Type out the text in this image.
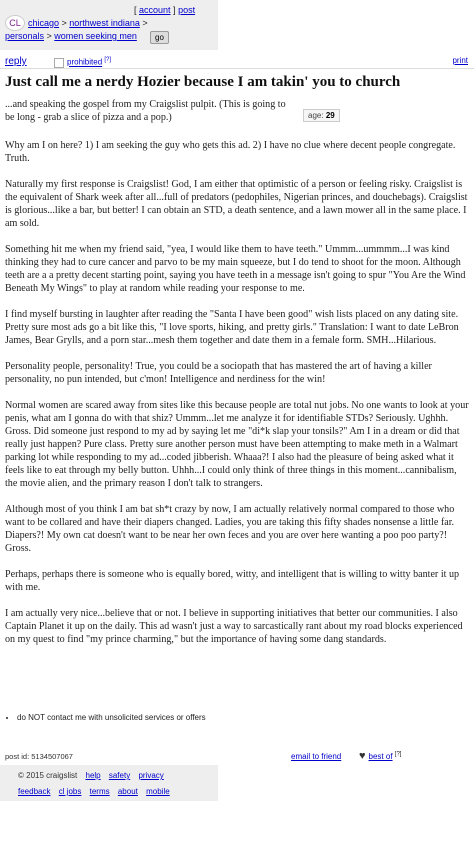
CL
[ account ] post
chicago > northwest indiana >
personals > women seeking men	go
reply	prohibited [?]	print
Just call me a nerdy Hozier because I am takin' you to church
age: 29

...and speaking the gospel from my Craigslist pulpit. (This is going to be long - grab a slice of pizza and a pop.)

Why am I on here? 1) I am seeking the guy who gets this ad. 2) I have no clue where decent people congregate. Truth.

Naturally my first response is Craigslist! God, I am either that optimistic of a person or feeling risky. Craigslist is the equivalent of Shark week after all...full of predators (pedophiles, Nigerian princes, and douchebags). Craigslist is glorious...like a bar, but better! I can obtain an STD, a death sentence, and a lawn mower all in the same place. I am sold.

Something hit me when my friend said, "yea, I would like them to have teeth." Ummm...ummmm...I was kind thinking they had to cure cancer and parvo to be my main squeeze, but I do tend to shoot for the moon. Although teeth are a a pretty decent starting point, saying you have teeth in a message isn't going to spur "You Are the Wind Beneath My Wings" to play at random while reading your response to me.

I find myself bursting in laughter after reading the "Santa I have been good" wish lists placed on any dating site. Pretty sure most ads go a bit like this, "I love sports, hiking, and pretty girls." Translation: I want to date LeBron James, Bear Grylls, and a porn star...mesh them together and date them in a female form. SMH...Hilarious.

Personality people, personality! True, you could be a sociopath that has mastered the art of having a killer personality, no pun intended, but c'mon! Intelligence and nerdiness for the win!

Normal women are scared away from sites like this because people are total nut jobs. No one wants to look at your penis, what am I gonna do with that shiz? Ummm...let me analyze it for identifiable STDs? Seriously. Ughhh. Gross. Did someone just respond to my ad by saying let me "di*k slap your tonsils?" Am I in a dream or did that really just happen? Pure class. Pretty sure another person must have been attempting to make meth in a Walmart parking lot while responding to my ad...coded jibberish. Whaaa?! I also had the pleasure of being asked what it feels like to eat through my belly button. Uhhh...I could only think of three things in this moment...cannibalism, the movie alien, and the primary reason I don't talk to strangers.

Although most of you think I am bat sh*t crazy by now, I am actually relatively normal compared to those who want to be collared and have their diapers changed. Ladies, you are taking this fifty shades nonsense a little far. Diapers?! My own cat doesn't want to be near her own feces and you are over here wanting a poo poo party?! Gross.

Perhaps, perhaps there is someone who is equally bored, witty, and intelligent that is willing to witty banter it up with me.

I am actually very nice...believe that or not. I believe in supporting initiatives that better our communities. I also Captain Planet it up on the daily. This ad wasn't just a way to sarcastically rant about my road blocks experienced on my quest to find "my prince charming," but the importance of having some dang standards.

• do NOT contact me with unsolicited services or offers
post id: 5134507067	email to friend ♥ best of [?]
© 2015 craigslist help safety privacy
feedback cl jobs terms about mobile
